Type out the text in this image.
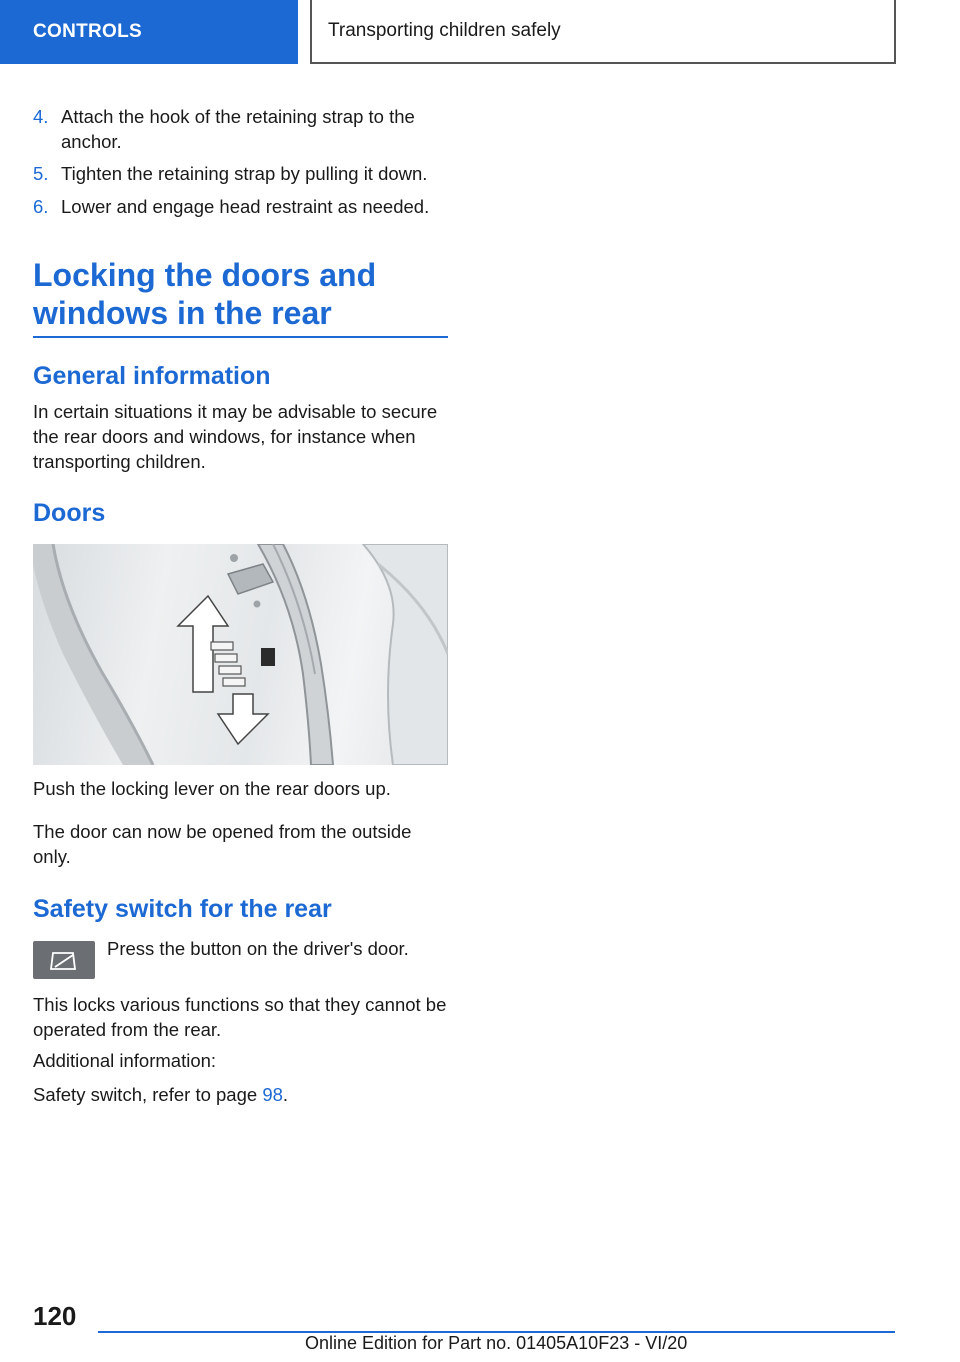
CONTROLS	Transporting children safely
4. Attach the hook of the retaining strap to the anchor.
5. Tighten the retaining strap by pulling it down.
6. Lower and engage head restraint as needed.
Locking the doors and windows in the rear
General information
In certain situations it may be advisable to secure the rear doors and windows, for instance when transporting children.
Doors
Push the locking lever on the rear doors up.
The door can now be opened from the outside only.
Safety switch for the rear
Press the button on the driver's door.
This locks various functions so that they cannot be operated from the rear.
Additional information:
Safety switch, refer to page 98.
120
Online Edition for Part no. 01405A10F23 - VI/20
